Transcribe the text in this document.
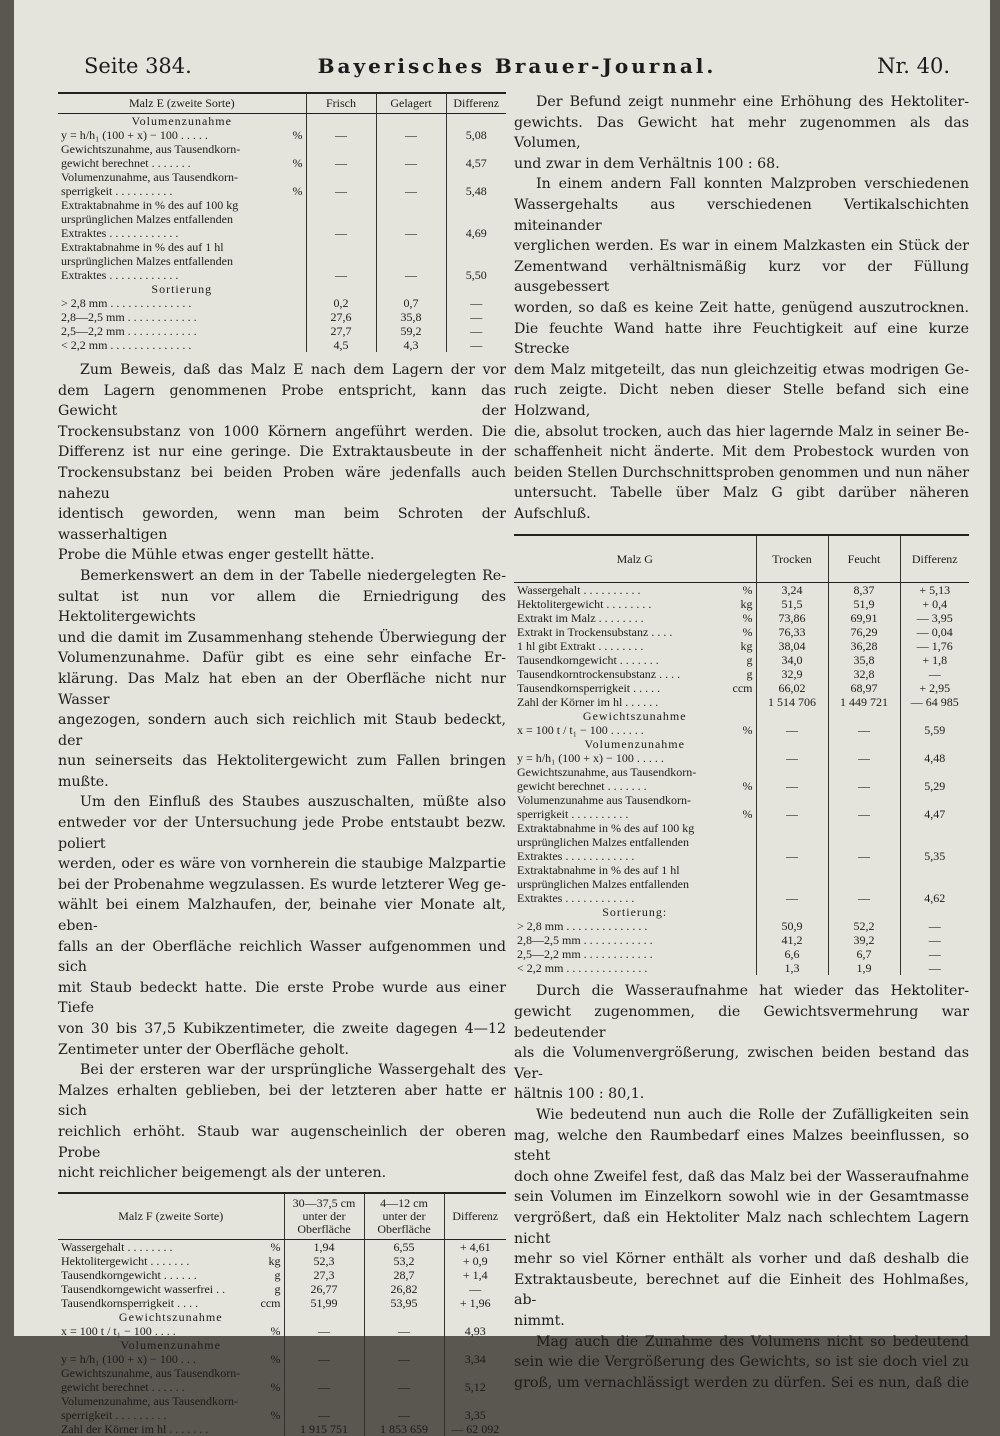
Seite 384.	Bayerisches Brauer-Journal.	Nr. 40.
Malz E (zweite Sorte)	Frisch	Gelagert	Differenz
Volumenzunahme			

y = h/h₁ (100 + x) − 100 . . . . . %	—	—	5,08

Gewichtszunahme, aus Tausendkorn-			

gewicht berechnet . . . . . . . %	—	—	4,57

Volumenzunahme, aus Tausendkorn-			

sperrigkeit . . . . . . . . . . %	—	—	5,48

Extraktabnahme in % des auf 100 kg			

ursprünglichen Malzes entfallenden			

Extraktes . . . . . . . . . . . .	—	—	4,69

Extraktabnahme in % des auf 1 hl			

ursprünglichen Malzes entfallenden			

Extraktes . . . . . . . . . . . .	—	—	5,50
Sortierung			

> 2,8 mm . . . . . . . . . . . . . .	0,2	0,7	—

2,8—2,5 mm . . . . . . . . . . . .	27,6	35,8	—

2,5—2,2 mm . . . . . . . . . . . .	27,7	59,2	—

< 2,2 mm . . . . . . . . . . . . . .	4,5	4,3	—
Zum Beweis, daß das Malz E nach dem Lagern der vor
dem Lagern genommenen Probe entspricht, kann das Gewicht der
Trockensubstanz von 1000 Körnern angeführt werden. Die
Differenz ist nur eine geringe. Die Extraktausbeute in der
Trockensubstanz bei beiden Proben wäre jedenfalls auch nahezu
identisch geworden, wenn man beim Schroten der wasserhaltigen
Probe die Mühle etwas enger gestellt hätte.
Bemerkenswert an dem in der Tabelle niedergelegten Re-
sultat ist nun vor allem die Erniedrigung des Hektolitergewichts
und die damit im Zusammenhang stehende Überwiegung der
Volumenzunahme. Dafür gibt es eine sehr einfache Er-
klärung. Das Malz hat eben an der Oberfläche nicht nur Wasser
angezogen, sondern auch sich reichlich mit Staub bedeckt, der
nun seinerseits das Hektolitergewicht zum Fallen bringen mußte.
Um den Einfluß des Staubes auszuschalten, müßte also
entweder vor der Untersuchung jede Probe entstaubt bezw. poliert
werden, oder es wäre von vornherein die staubige Malzpartie
bei der Probenahme wegzulassen. Es wurde letzterer Weg ge-
wählt bei einem Malzhaufen, der, beinahe vier Monate alt, eben-
falls an der Oberfläche reichlich Wasser aufgenommen und sich
mit Staub bedeckt hatte. Die erste Probe wurde aus einer Tiefe
von 30 bis 37,5 Kubikzentimeter, die zweite dagegen 4—12
Zentimeter unter der Oberfläche geholt.
Bei der ersteren war der ursprüngliche Wassergehalt des
Malzes erhalten geblieben, bei der letzteren aber hatte er sich
reichlich erhöht. Staub war augenscheinlich der oberen Probe
nicht reichlicher beigemengt als der unteren.
Malz F (zweite Sorte)	30—37,5 cm unter der Oberfläche	4—12 cm unter der Oberfläche	Differenz

Wassergehalt . . . . . . . . %	1,94	6,55	+ 4,61

Hektolitergewicht . . . . . . . kg	52,3	53,2	+ 0,9

Tausendkorngewicht . . . . . . g	27,3	28,7	+ 1,4

Tausendkorngewicht wasserfrei . . g	26,77	26,82	—

Tausendkornsperrigkeit . . . . ccm	51,99	53,95	+ 1,96
Gewichtszunahme			

x = 100 t / t₁ − 100 . . . . %	—	—	4,93
Volumenzunahme			

y = h/h₁ (100 + x) − 100 . . . %	—	—	3,34

Gewichtszunahme, aus Tausendkorn-			

gewicht berechnet . . . . . . %	—	—	5,12

Volumenzunahme, aus Tausendkorn-			

sperrigkeit . . . . . . . . . %	—	—	3,35

Zahl der Körner im hl . . . . . . .	1 915 751	1 853 659	— 62 092
Der Befund zeigt nunmehr eine Erhöhung des Hektoliter-
gewichts. Das Gewicht hat mehr zugenommen als das Volumen,
und zwar in dem Verhältnis 100 : 68.
In einem andern Fall konnten Malzproben verschiedenen
Wassergehalts aus verschiedenen Vertikalschichten miteinander
verglichen werden. Es war in einem Malzkasten ein Stück der
Zementwand verhältnismäßig kurz vor der Füllung ausgebessert
worden, so daß es keine Zeit hatte, genügend auszutrocknen.
Die feuchte Wand hatte ihre Feuchtigkeit auf eine kurze Strecke
dem Malz mitgeteilt, das nun gleichzeitig etwas modrigen Ge-
ruch zeigte. Dicht neben dieser Stelle befand sich eine Holzwand,
die, absolut trocken, auch das hier lagernde Malz in seiner Be-
schaffenheit nicht änderte. Mit dem Probestock wurden von
beiden Stellen Durchschnittsproben genommen und nun näher
untersucht. Tabelle über Malz G gibt darüber näheren
Aufschluß.
Malz G	Trocken	Feucht	Differenz

Wassergehalt . . . . . . . . . . %	3,24	8,37	+ 5,13

Hektolitergewicht . . . . . . . . kg	51,5	51,9	+ 0,4

Extrakt im Malz . . . . . . . . %	73,86	69,91	— 3,95

Extrakt in Trockensubstanz . . . . %	76,33	76,29	— 0,04

1 hl gibt Extrakt . . . . . . . . kg	38,04	36,28	— 1,76

Tausendkorngewicht . . . . . . . g	34,0	35,8	+ 1,8

Tausendkorntrockensubstanz . . . . g	32,9	32,8	—

Tausendkornsperrigkeit . . . . . ccm	66,02	68,97	+ 2,95

Zahl der Körner im hl . . . . . .	1 514 706	1 449 721	— 64 985
Gewichtszunahme			

x = 100 t / t₁ − 100 . . . . . . %	—	—	5,59
Volumenzunahme			

y = h/h₁ (100 + x) − 100 . . . . .	—	—	4,48

Gewichtszunahme, aus Tausendkorn-			

gewicht berechnet . . . . . . . %	—	—	5,29

Volumenzunahme aus Tausendkorn-			

sperrigkeit . . . . . . . . . . %	—	—	4,47

Extraktabnahme in % des auf 100 kg			

ursprünglichen Malzes entfallenden			

Extraktes . . . . . . . . . . . .	—	—	5,35

Extraktabnahme in % des auf 1 hl			

ursprünglichen Malzes entfallenden			

Extraktes . . . . . . . . . . . .	—	—	4,62
Sortierung:			

> 2,8 mm . . . . . . . . . . . . . .	50,9	52,2	—

2,8—2,5 mm . . . . . . . . . . . .	41,2	39,2	—

2,5—2,2 mm . . . . . . . . . . . .	6,6	6,7	—

< 2,2 mm . . . . . . . . . . . . . .	1,3	1,9	—
Durch die Wasseraufnahme hat wieder das Hektoliter-
gewicht zugenommen, die Gewichtsvermehrung war bedeutender
als die Volumenvergrößerung, zwischen beiden bestand das Ver-
hältnis 100 : 80,1.
Wie bedeutend nun auch die Rolle der Zufälligkeiten sein
mag, welche den Raumbedarf eines Malzes beeinflussen, so steht
doch ohne Zweifel fest, daß das Malz bei der Wasseraufnahme
sein Volumen im Einzelkorn sowohl wie in der Gesamtmasse
vergrößert, daß ein Hektoliter Malz nach schlechtem Lagern nicht
mehr so viel Körner enthält als vorher und daß deshalb die
Extraktausbeute, berechnet auf die Einheit des Hohlmaßes, ab-
nimmt.
Mag auch die Zunahme des Volumens nicht so bedeutend
sein wie die Vergrößerung des Gewichts, so ist sie doch viel zu
groß, um vernachlässigt werden zu dürfen. Sei es nun, daß die
